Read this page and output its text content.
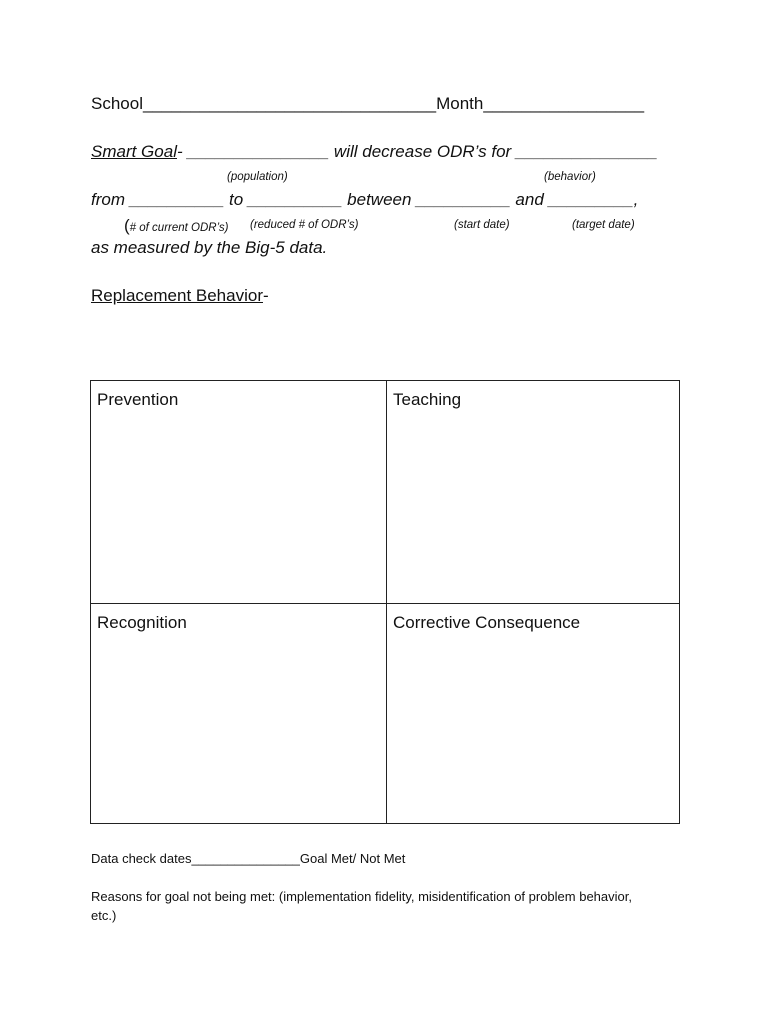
School_______________________________Month_________________
Smart Goal- _______________ will decrease ODR’s for _______________
(population)	(behavior)
from __________ to __________ between __________ and _________,
(# of current ODR’s) (reduced # of ODR’s)	(start date)	(target date)
as measured by the Big-5 data.
Replacement Behavior-
Prevention	Teaching
Recognition	Corrective Consequence
Data check dates_______________Goal Met/ Not Met
Reasons for goal not being met: (implementation fidelity, misidentification of problem behavior,
etc.)
